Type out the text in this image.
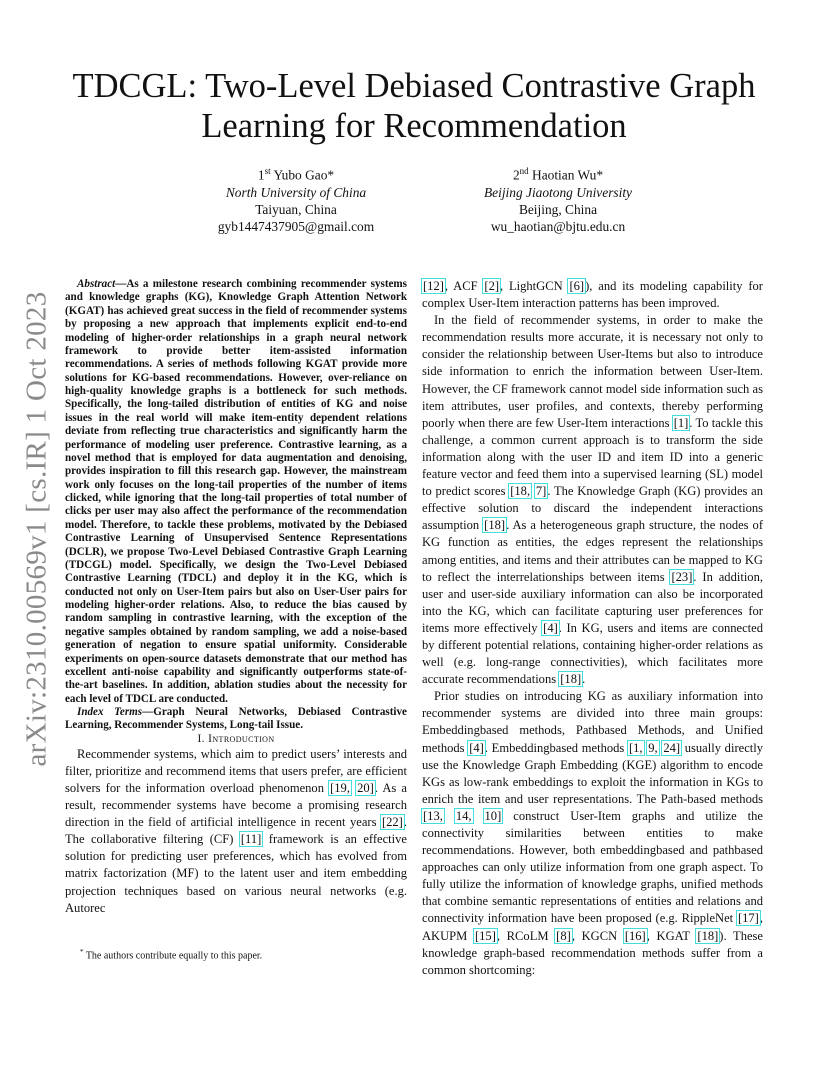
arXiv:2310.00569v1 [cs.IR] 1 Oct 2023
TDCGL: Two-Level Debiased Contrastive Graph
Learning for Recommendation
1st Yubo Gao*
North University of China
Taiyuan, China
gyb1447437905@gmail.com
2nd Haotian Wu*
Beijing Jiaotong University
Beijing, China
wu_haotian@bjtu.edu.cn

Abstract—As a milestone research combining recommender systems and knowledge graphs (KG), Knowledge Graph Attention Network (KGAT) has achieved great success in the field of recommender systems by proposing a new approach that implements explicit end-to-end modeling of higher-order relationships in a graph neural network framework to provide better item-assisted information recommendations. A series of methods following KGAT provide more solutions for KG-based recommendations. However, over-reliance on high-quality knowledge graphs is a bottleneck for such methods. Specifically, the long-tailed distribution of entities of KG and noise issues in the real world will make item-entity dependent relations deviate from reflecting true characteristics and significantly harm the performance of modeling user preference. Contrastive learning, as a novel method that is employed for data augmentation and denoising, provides inspiration to fill this research gap. However, the mainstream work only focuses on the long-tail properties of the number of items clicked, while ignoring that the long-tail properties of total number of clicks per user may also affect the performance of the recommendation model. Therefore, to tackle these problems, motivated by the Debiased Contrastive Learning of Unsupervised Sentence Representations (DCLR), we propose Two-Level Debiased Contrastive Graph Learning (TDCGL) model. Specifically, we design the Two-Level Debiased Contrastive Learning (TDCL) and deploy it in the KG, which is conducted not only on User-Item pairs but also on User-User pairs for modeling higher-order relations. Also, to reduce the bias caused by random sampling in contrastive learning, with the exception of the negative samples obtained by random sampling, we add a noise-based generation of negation to ensure spatial uniformity. Considerable experiments on open-source datasets demonstrate that our method has excellent anti-noise capability and significantly outperforms state-of-the-art baselines. In addition, ablation studies about the necessity for each level of TDCL are conducted.

Index Terms—Graph Neural Networks, Debiased Contrastive Learning, Recommender Systems, Long-tail Issue.

I. Introduction

Recommender systems, which aim to predict users’ interests and filter, prioritize and recommend items that users prefer, are efficient solvers for the information overload phenomenon [19, 20]. As a result, recommender systems have become a promising research direction in the field of artificial intelligence in recent years [22]. The collaborative filtering (CF) [11] framework is an effective solution for predicting user preferences, which has evolved from matrix factorization (MF) to the latent user and item embedding projection techniques based on various neural networks (e.g. Autorec

[12], ACF [2], LightGCN [6]), and its modeling capability for complex User-Item interaction patterns has been improved.

In the field of recommender systems, in order to make the recommendation results more accurate, it is necessary not only to consider the relationship between User-Items but also to introduce side information to enrich the information between User-Item. However, the CF framework cannot model side information such as item attributes, user profiles, and contexts, thereby performing poorly when there are few User-Item interactions [1]. To tackle this challenge, a common current approach is to transform the side information along with the user ID and item ID into a generic feature vector and feed them into a supervised learning (SL) model to predict scores [18, 7]. The Knowledge Graph (KG) provides an effective solution to discard the independent interactions assumption [18]. As a heterogeneous graph structure, the nodes of KG function as entities, the edges represent the relationships among entities, and items and their attributes can be mapped to KG to reflect the interrelationships between items [23]. In addition, user and user-side auxiliary information can also be incorporated into the KG, which can facilitate capturing user preferences for items more effectively [4]. In KG, users and items are connected by different potential relations, containing higher-order relations as well (e.g. long-range connectivities), which facilitates more accurate recommendations [18].

Prior studies on introducing KG as auxiliary information into recommender systems are divided into three main groups: Embeddingbased methods, Pathbased Methods, and Unified methods [4]. Embeddingbased methods [1, 9, 24] usually directly use the Knowledge Graph Embedding (KGE) algorithm to encode KGs as low-rank embeddings to exploit the information in KGs to enrich the item and user representations. The Path-based methods [13, 14, 10] construct User-Item graphs and utilize the connectivity similarities between entities to make recommendations. However, both embeddingbased and pathbased approaches can only utilize information from one graph aspect. To fully utilize the information of knowledge graphs, unified methods that combine semantic representations of entities and relations and connectivity information have been proposed (e.g. RippleNet [17], AKUPM [15], RCoLM [8], KGCN [16], KGAT [18]). These knowledge graph-based recommendation methods suffer from a common shortcoming:

* The authors contribute equally to this paper.
